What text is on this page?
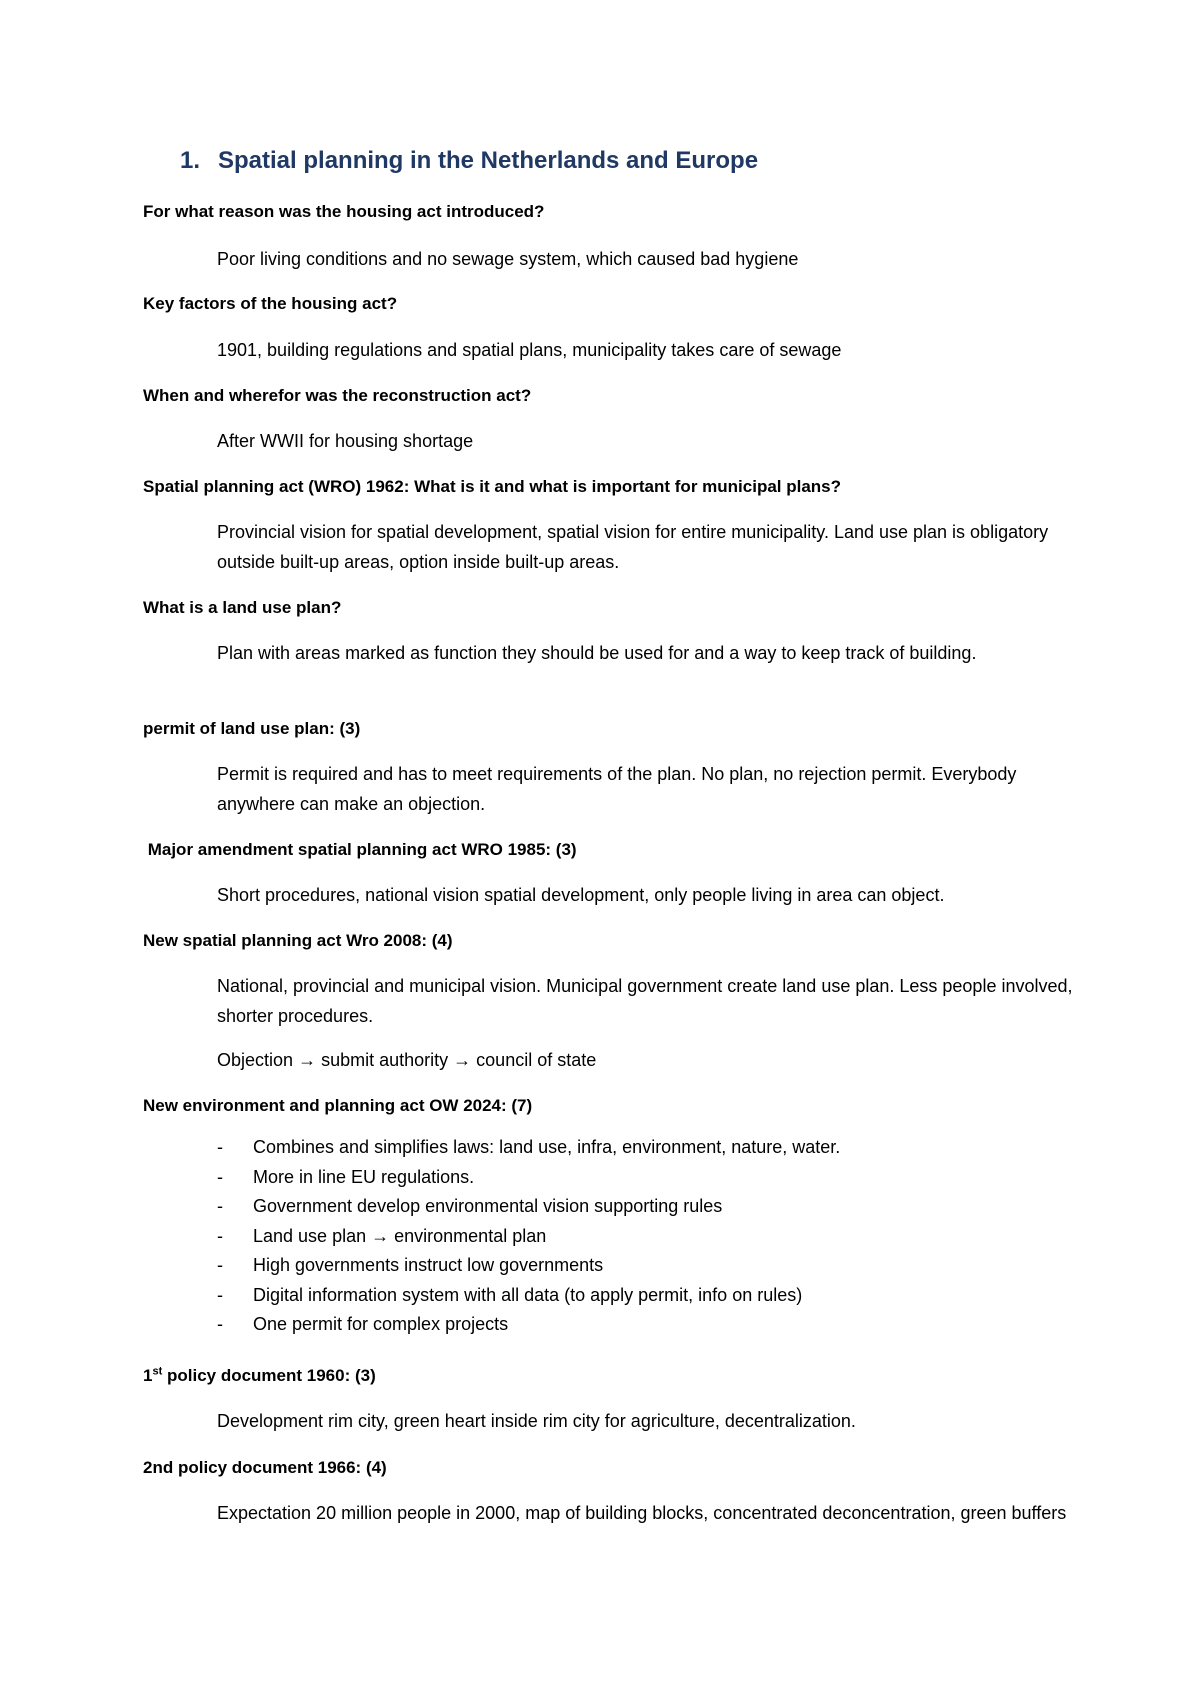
1. Spatial planning in the Netherlands and Europe
For what reason was the housing act introduced?

Poor living conditions and no sewage system, which caused bad hygiene

Key factors of the housing act?

1901, building regulations and spatial plans, municipality takes care of sewage

When and wherefor was the reconstruction act?

After WWII for housing shortage

Spatial planning act (WRO) 1962: What is it and what is important for municipal plans?

Provincial vision for spatial development, spatial vision for entire municipality. Land use plan is obligatory outside built-up areas, option inside built-up areas.

What is a land use plan?

Plan with areas marked as function they should be used for and a way to keep track of building.

permit of land use plan: (3)

Permit is required and has to meet requirements of the plan. No plan, no rejection permit. Everybody anywhere can make an objection.

Major amendment spatial planning act WRO 1985: (3)

Short procedures, national vision spatial development, only people living in area can object.

New spatial planning act Wro 2008: (4)

National, provincial and municipal vision. Municipal government create land use plan. Less people involved, shorter procedures.

Objection → submit authority → council of state

New environment and planning act OW 2024: (7)
- Combines and simplifies laws: land use, infra, environment, nature, water.
- More in line EU regulations.
- Government develop environmental vision supporting rules
- Land use plan → environmental plan
- High governments instruct low governments
- Digital information system with all data (to apply permit, info on rules)
- One permit for complex projects
1st policy document 1960: (3)

Development rim city, green heart inside rim city for agriculture, decentralization.

2nd policy document 1966: (4)

Expectation 20 million people in 2000, map of building blocks, concentrated deconcentration, green buffers
